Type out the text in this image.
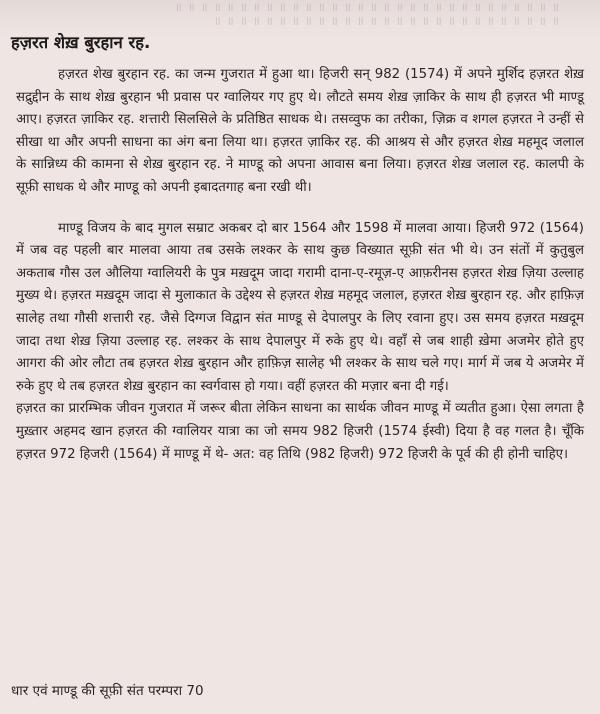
॥ ॥ ॥ ॥ ॥ ॥ ॥ ॥ ॥ ॥ ॥ ॥ ॥ ॥ ॥ ॥ ॥ ॥ ॥ ॥ ॥ ॥ ॥ ॥ ॥ ॥ ॥ ॥ ॥ ॥
॥ ॥ ॥ ॥ ॥ ॥ ॥ ॥ ॥ ॥ ॥ ॥ ॥ ॥ ॥ ॥ ॥ ॥ ॥ ॥ ॥ ॥ ॥ ॥ ॥ ॥ ॥
हज़रत शेख़ बुरहान रह.

हज़रत शेख बुरहान रह. का जन्म गुजरात में हुआ था। हिजरी सन् 982 (1574) में अपने मुर्शिद हज़रत शेख़ सद्रुद्दीन के साथ शेख़ बुरहान भी प्रवास पर ग्वालियर गए हुए थे। लौटते समय शेख़ ज़ाकिर के साथ ही हज़रत भी माण्डू आए। हज़रत ज़ाकिर रह. शत्तारी सिलसिले के प्रतिष्ठित साधक थे। तसव्वुफ का तरीका, ज़िक्र व शगल हज़रत ने उन्हीं से सीखा था और अपनी साधना का अंग बना लिया था। हज़रत ज़ाकिर रह. की आश्रय से और हज़रत शेख़ महमूद जलाल के सान्निध्य की कामना से शेख़ बुरहान रह. ने माण्डू को अपना आवास बना लिया। हज़रत शेख़ जलाल रह. कालपी के सूफ़ी साधक थे और माण्डू को अपनी इबादतगाह बना रखी थी।

माण्डू विजय के बाद मुगल सम्राट अकबर दो बार 1564 और 1598 में मालवा आया। हिजरी 972 (1564) में जब वह पहली बार मालवा आया तब उसके लश्कर के साथ कुछ विख्यात सूफ़ी संत भी थे। उन संतों में कुतुबुल अकताब गौस उल औलिया ग्वालियरी के पुत्र मख़दूम जादा गरामी दाना-ए-रमूज़-ए आफ़रीनस हज़रत शेख़ ज़िया उल्लाह मुख्य थे। हज़रत मख़दूम जादा से मुलाकात के उद्देश्य से हज़रत शेख़ महमूद जलाल, हज़रत शेख़ बुरहान रह. और हाफ़िज़ सालेह तथा गौसी शत्तारी रह. जैसे दिग्गज विद्वान संत माण्डू से देपालपुर के लिए रवाना हुए। उस समय हज़रत मख़दूम जादा तथा शेख़ ज़िया उल्लाह रह. लश्कर के साथ देपालपुर में रुके हुए थे। वहाँ से जब शाही ख़ेमा अजमेर होते हुए आगरा की ओर लौटा तब हज़रत शेख़ बुरहान और हाफ़िज़ सालेह भी लश्कर के साथ चले गए। मार्ग में जब ये अजमेर में रुके हुए थे तब हज़रत शेख़ बुरहान का स्वर्गवास हो गया। वहीं हज़रत की मज़ार बना दी गई।

हज़रत का प्रारम्भिक जीवन गुजरात में जरूर बीता लेकिन साधना का सार्थक जीवन माण्डू में व्यतीत हुआ। ऐसा लगता है मुख़्तार अहमद खान हज़रत की ग्वालियर यात्रा का जो समय 982 हिजरी (1574 ईस्वी) दिया है वह गलत है। चूँकि हज़रत 972 हिजरी (1564) में माण्डू में थे- अत: वह तिथि (982 हिजरी) 972 हिजरी के पूर्व की ही होनी चाहिए।

धार एवं माण्डू की सूफ़ी संत परम्परा 70
